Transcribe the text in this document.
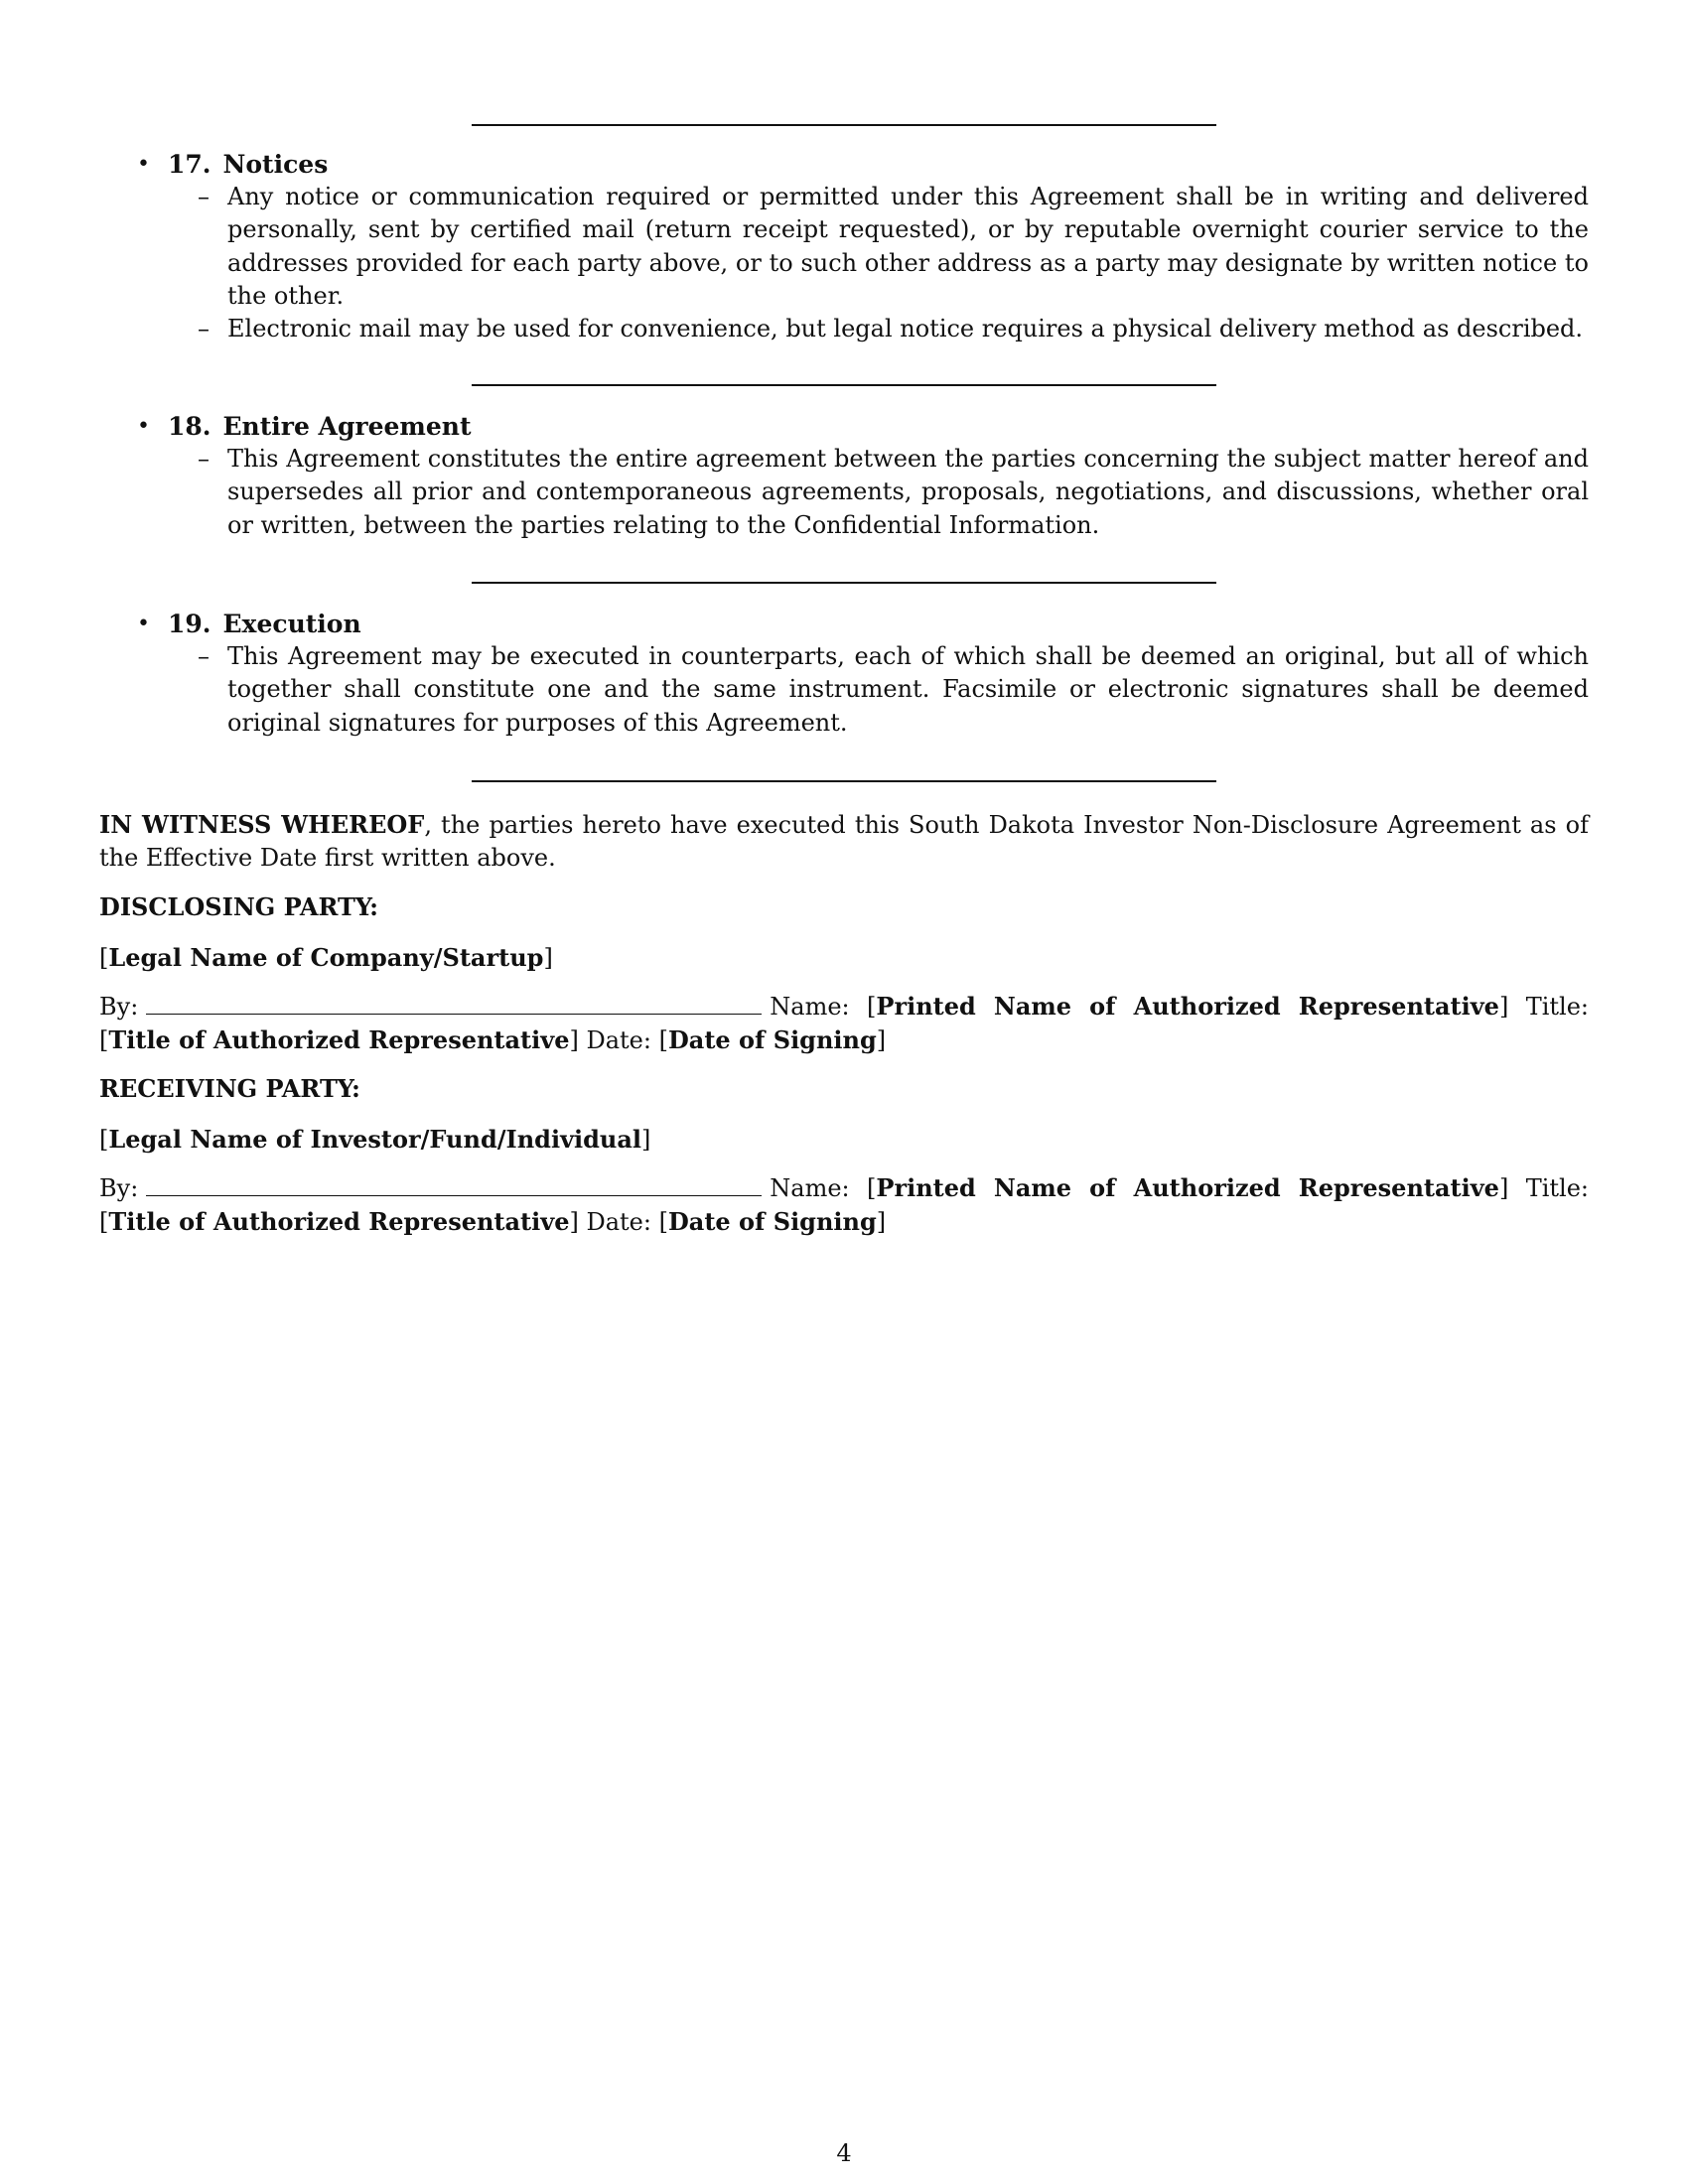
• 17. Notices
– Any notice or communication required or permitted under this Agreement shall be in writing and delivered personally, sent by certified mail (return receipt requested), or by reputable overnight courier service to the addresses provided for each party above, or to such other address as a party may designate by written notice to the other.
– Electronic mail may be used for convenience, but legal notice requires a physical delivery method as described.
• 18. Entire Agreement
– This Agreement constitutes the entire agreement between the parties concerning the subject matter hereof and supersedes all prior and contemporaneous agreements, proposals, negotiations, and discussions, whether oral or written, between the parties relating to the Confidential Information.
• 19. Execution
– This Agreement may be executed in counterparts, each of which shall be deemed an original, but all of which together shall constitute one and the same instrument. Facsimile or electronic signatures shall be deemed original signatures for purposes of this Agreement.
IN WITNESS WHEREOF, the parties hereto have executed this South Dakota Investor Non-Disclosure Agreement as of the Effective Date first written above.
DISCLOSING PARTY:
[Legal Name of Company/Startup]
By:	Name: [Printed Name of Authorized Representative] Title: [Title of Authorized Representative] Date: [Date of Signing]
RECEIVING PARTY:
[Legal Name of Investor/Fund/Individual]
By:	Name: [Printed Name of Authorized Representative] Title: [Title of Authorized Representative] Date: [Date of Signing]
4
